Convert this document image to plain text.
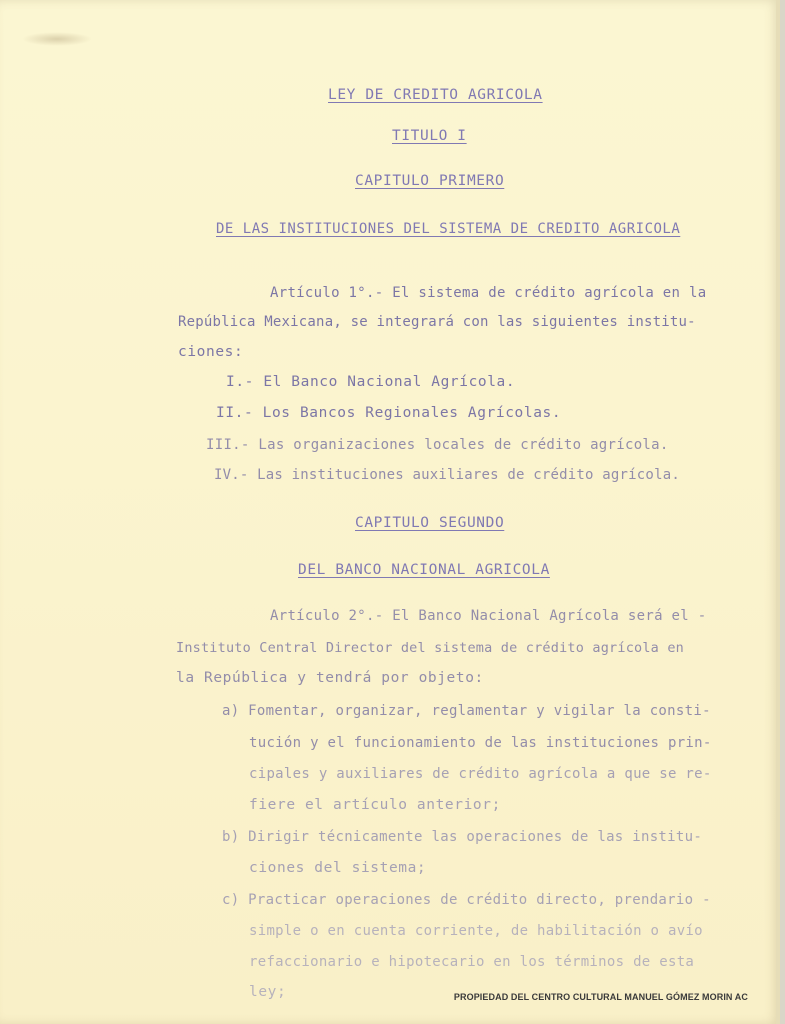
LEY DE CREDITO AGRICOLA
TITULO I
CAPITULO PRIMERO
DE LAS INSTITUCIONES DEL SISTEMA DE CREDITO AGRICOLA
Artículo 1°.- El sistema de crédito agrícola en la
República Mexicana, se integrará con las siguientes institu-
ciones:
I.- El Banco Nacional Agrícola.
II.- Los Bancos Regionales Agrícolas.
III.- Las organizaciones locales de crédito agrícola.
IV.- Las instituciones auxiliares de crédito agrícola.
CAPITULO SEGUNDO
DEL BANCO NACIONAL AGRICOLA
Artículo 2°.- El Banco Nacional Agrícola será el -
Instituto Central Director del sistema de crédito agrícola en
la República y tendrá por objeto:
a) Fomentar, organizar, reglamentar y vigilar la consti-
tución y el funcionamiento de las instituciones prin-
cipales y auxiliares de crédito agrícola a que se re-
fiere el artículo anterior;
b) Dirigir técnicamente las operaciones de las institu-
ciones del sistema;
c) Practicar operaciones de crédito directo, prendario -
simple o en cuenta corriente, de habilitación o avío
refaccionario e hipotecario en los términos de esta
ley;	PROPIEDAD DEL CENTRO CULTURAL MANUEL GÓMEZ MORIN AC
